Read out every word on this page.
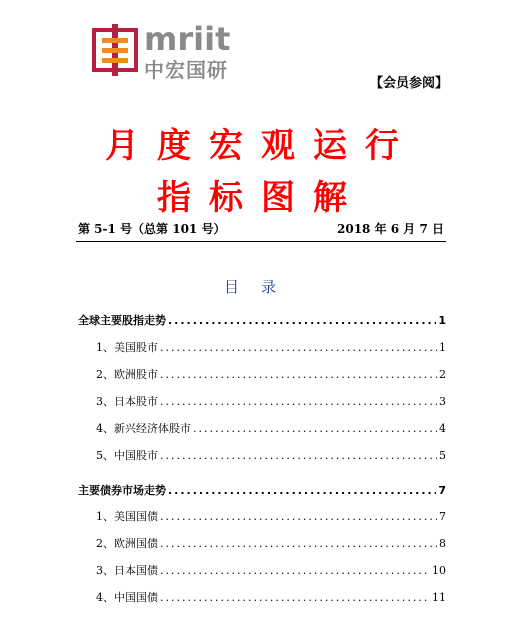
mriit
中宏国研
【会员参阅】
月度宏观运行
指标图解
第 5-1 号（总第 101 号）	2018 年 6 月 7 日
目录
全球主要股指走势 .....	1
1、美国股市 .....	1
2、欧洲股市 .....	2
3、日本股市 .....	3
4、新兴经济体股市 .....	4
5、中国股市 .....	5
主要债券市场走势 .....	7
1、美国国债 .....	7
2、欧洲国债 .....	8
3、日本国债 .....	10
4、中国国债 .....	11
